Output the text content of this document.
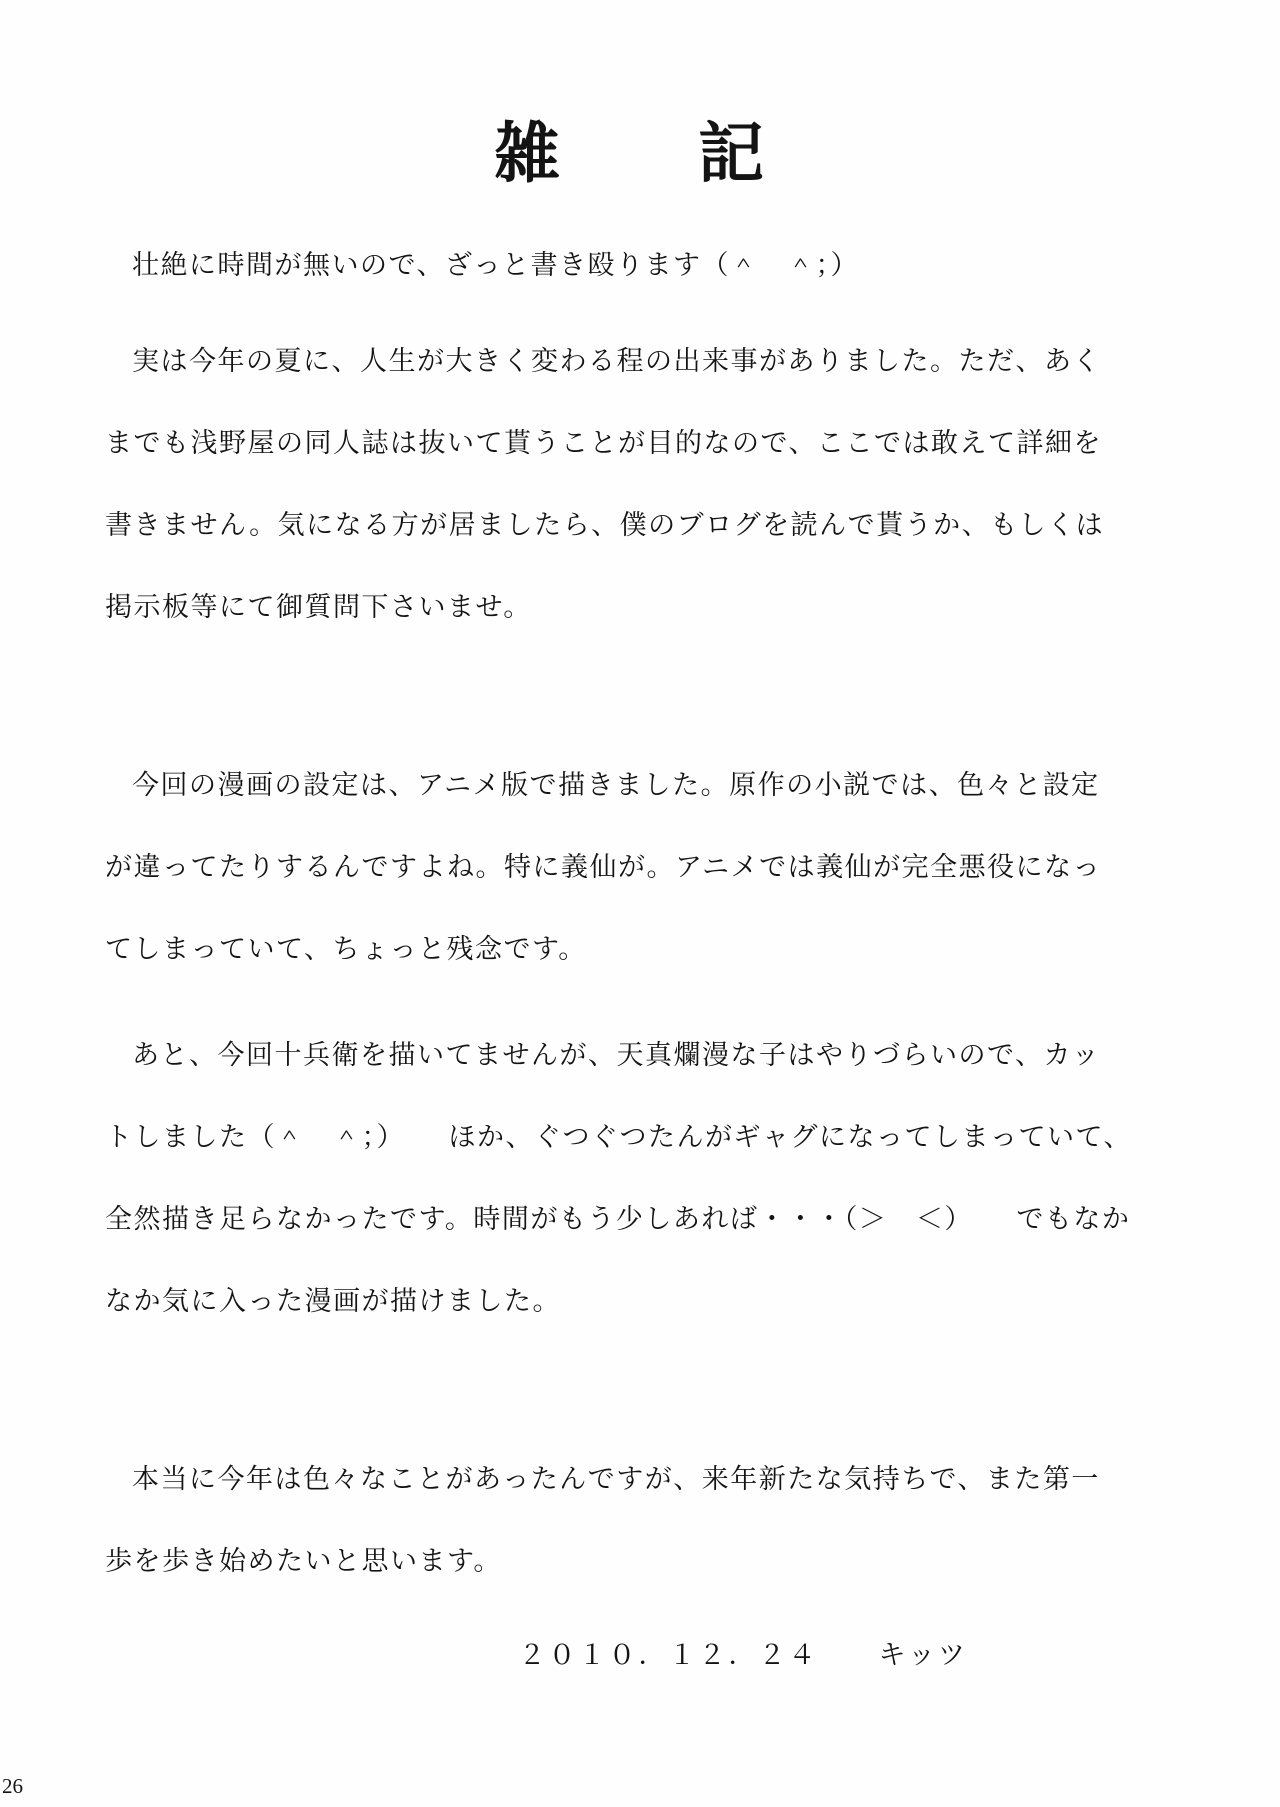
雑　　記
壮絶に時間が無いので、ざっと書き殴ります（＾　＾；）
実は今年の夏に、人生が大きく変わる程の出来事がありました。ただ、あく
までも浅野屋の同人誌は抜いて貰うことが目的なので、ここでは敢えて詳細を
書きません。気になる方が居ましたら、僕のブログを読んで貰うか、もしくは
掲示板等にて御質問下さいませ。
今回の漫画の設定は、アニメ版で描きました。原作の小説では、色々と設定
が違ってたりするんですよね。特に義仙が。アニメでは義仙が完全悪役になっ
てしまっていて、ちょっと残念です。
あと、今回十兵衛を描いてませんが、天真爛漫な子はやりづらいので、カッ
トしました（＾　＾；）　　ほか、ぐつぐつたんがギャグになってしまっていて、
全然描き足らなかったです。時間がもう少しあれば・・・（＞　＜）　　でもなか
なか気に入った漫画が描けました。
本当に今年は色々なことがあったんですが、来年新たな気持ちで、また第一
歩を歩き始めたいと思います。
２０１０．１２．２４　　キッツ
26
